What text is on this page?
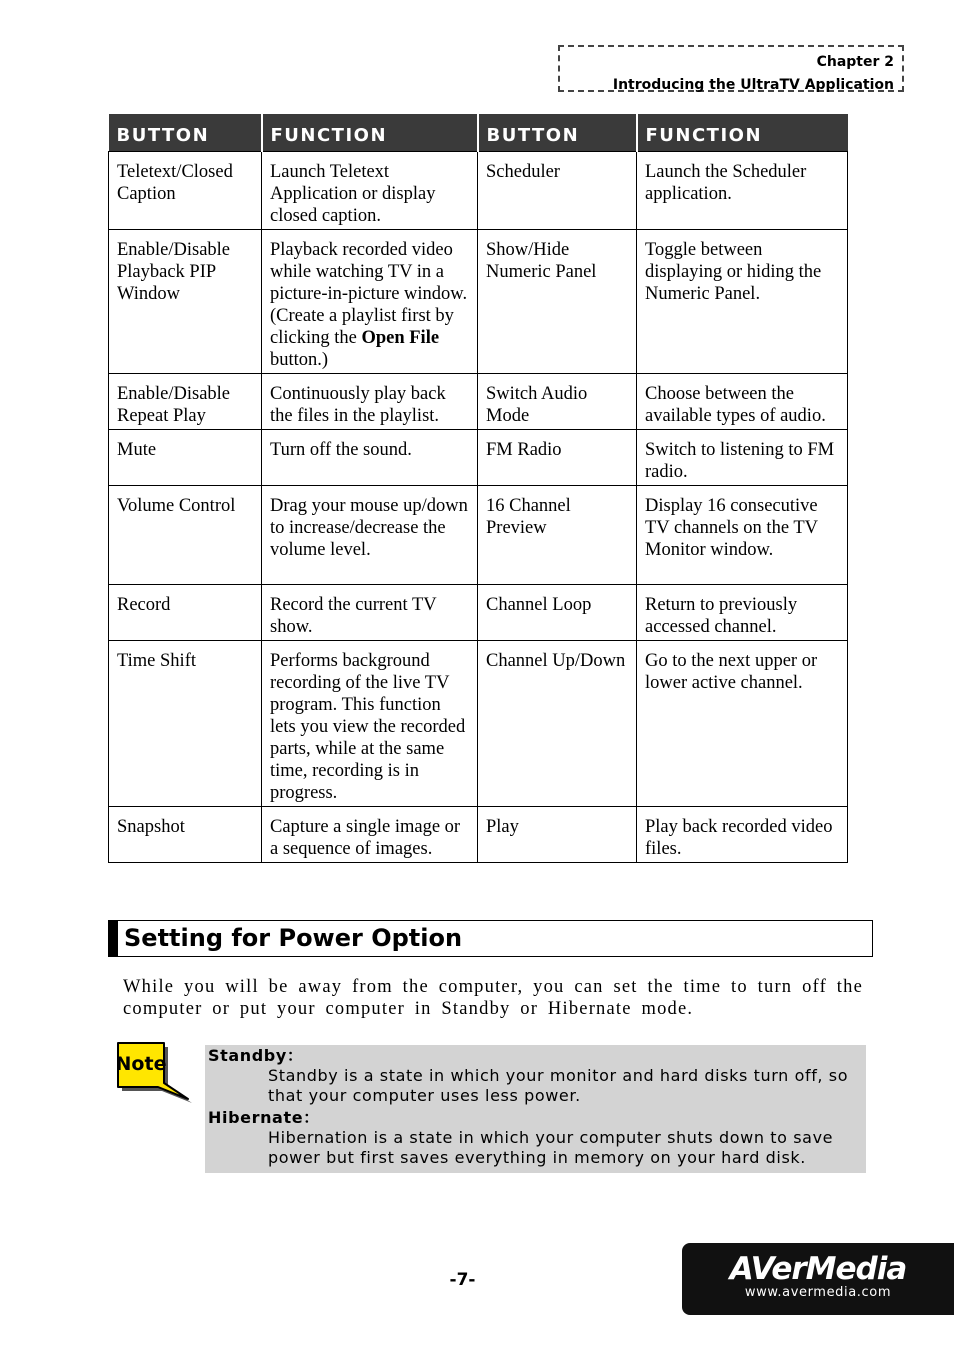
Chapter 2
Introducing the UltraTV Application
BUTTON	FUNCTION	BUTTON	FUNCTION
Teletext/Closed Caption	Launch Teletext Application or display closed caption.	Scheduler	Launch the Scheduler application.
Enable/Disable Playback PIP Window	Playback recorded video while watching TV in a picture-in-picture window. (Create a playlist first by clicking the Open File button.)	Show/Hide Numeric Panel	Toggle between displaying or hiding the Numeric Panel.
Enable/Disable Repeat Play	Continuously play back the files in the playlist.	Switch Audio Mode	Choose between the available types of audio.
Mute	Turn off the sound.	FM Radio	Switch to listening to FM radio.
Volume Control	Drag your mouse up/down to increase/decrease the volume level.	16 Channel Preview	Display 16 consecutive TV channels on the TV Monitor window.
Record	Record the current TV show.	Channel Loop	Return to previously accessed channel.
Time Shift	Performs background recording of the live TV program. This function lets you view the recorded parts, while at the same time, recording is in progress.	Channel Up/Down	Go to the next upper or lower active channel.
Snapshot	Capture a single image or a sequence of images.	Play	Play back recorded video files.
Setting for Power Option
While you will be away from the computer, you can set the time to turn off the computer or put your computer in Standby or Hibernate mode.
Note	Standby：
Standby is a state in which your monitor and hard disks turn off, so that your computer uses less power.
Hibernate：
Hibernation is a state in which your computer shuts down to save power but first saves everything in memory on your hard disk.
-7-	AVerMedia
www.avermedia.com
